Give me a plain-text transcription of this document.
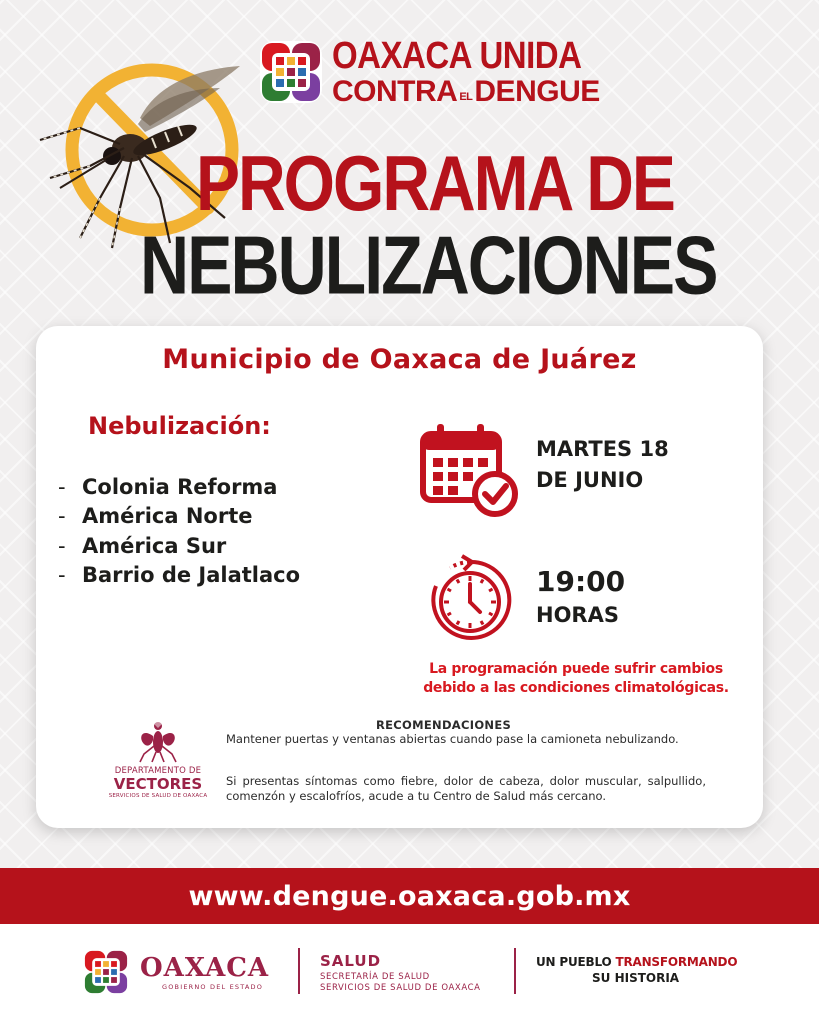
OAXACA UNIDA
CONTRA EL DENGUE
PROGRAMA DE
NEBULIZACIONES
Municipio de Oaxaca de Juárez
Nebulización:
- Colonia Reforma
- América Norte
- América Sur
- Barrio de Jalatlaco
MARTES 18
DE JUNIO
19:00
HORAS
La programación puede sufrir cambios
debido a las condiciones climatológicas.
DEPARTAMENTO DE
VECTORES
SERVICIOS DE SALUD DE OAXACA
RECOMENDACIONES

Mantener puertas y ventanas abiertas cuando pase la camioneta nebulizando.

Si presentas síntomas como fiebre, dolor de cabeza, dolor muscular, salpullido, comenzón y escalofríos, acude a tu Centro de Salud más cercano.

www.dengue.oaxaca.gob.mx
OAXACA
GOBIERNO DEL ESTADO
SALUD
SECRETARÍA DE SALUD
SERVICIOS DE SALUD DE OAXACA
UN PUEBLO TRANSFORMANDO
SU HISTORIA
